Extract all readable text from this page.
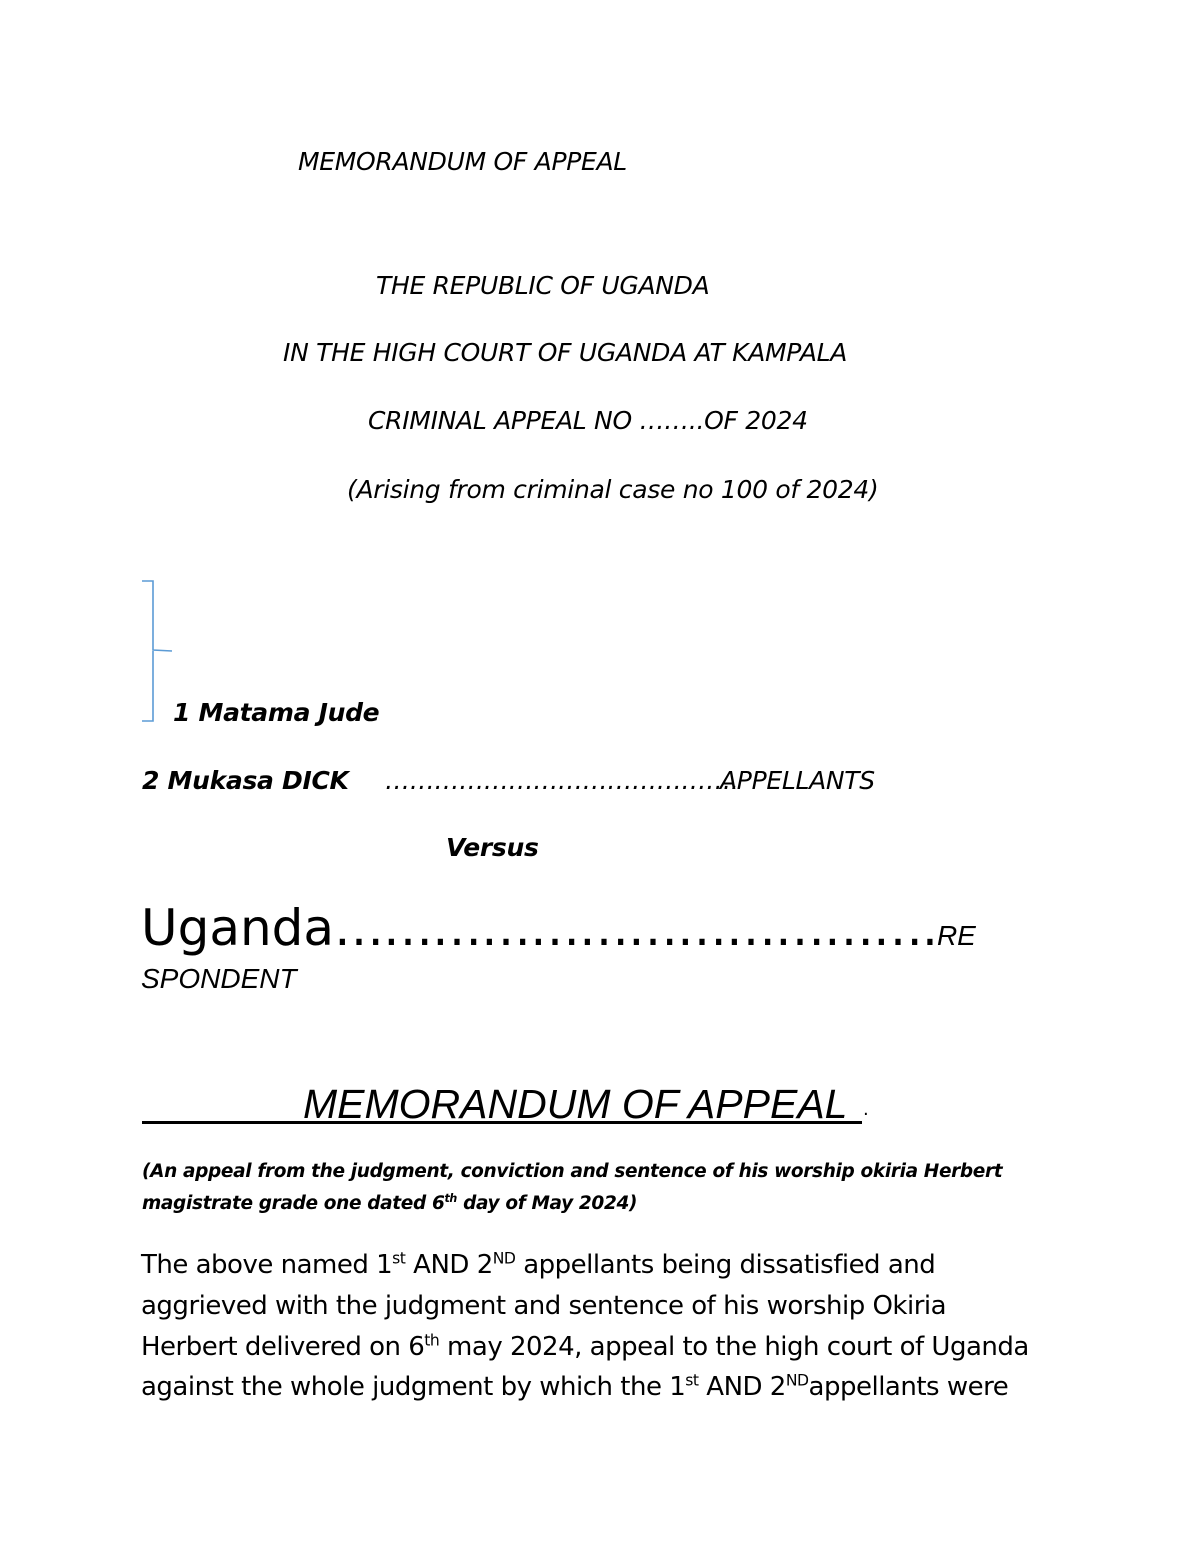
MEMORANDUM OF APPEAL

THE REPUBLIC OF UGANDA

IN THE HIGH COURT OF UGANDA AT KAMPALA

CRIMINAL APPEAL NO ……..OF 2024

(Arising from criminal case no 100 of 2024)

1 Matama Jude

2 Mukasa DICK …………………………………….

APPELLANTS

Versus

Uganda……………………………….RE

SPONDENT

MEMORANDUM OF APPEAL .

(An appeal from the judgment, conviction and sentence of his worship okiria Herbert

magistrate grade one dated 6th day of May 2024)

The above named 1st AND 2ND appellants being dissatisfied and

aggrieved with the judgment and sentence of his worship Okiria

Herbert delivered on 6th may 2024, appeal to the high court of Uganda

against the whole judgment by which the 1st AND 2NDappellants were
